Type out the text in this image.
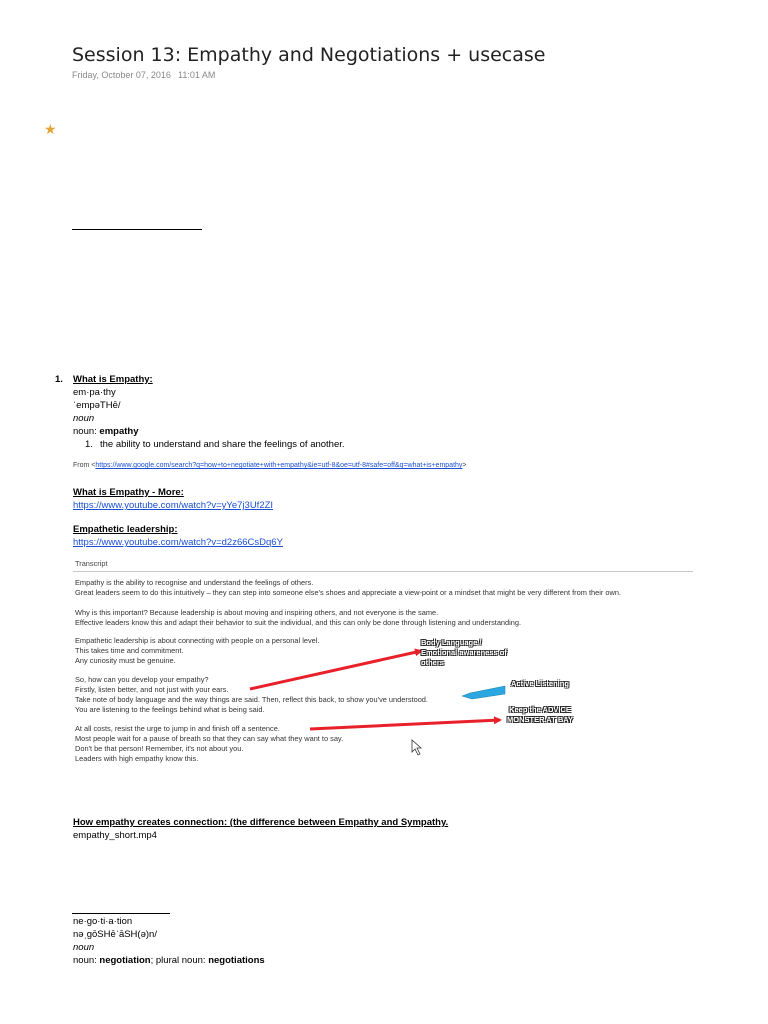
Session 13: Empathy and Negotiations + usecase
Friday, October 07, 2016 11:01 AM
★
1. What is Empathy:
em·pa·thy
ˈempəTHē/
noun
noun: empathy
1. the ability to understand and share the feelings of another.
From <https://www.google.com/search?q=how+to+negotiate+with+empathy&ie=utf-8&oe=utf-8#safe=off&q=what+is+empathy>
What is Empathy - More:
https://www.youtube.com/watch?v=yYe7j3Uf2ZI
Empathetic leadership:
https://www.youtube.com/watch?v=d2z66CsDq6Y
Transcript
Empathy is the ability to recognise and understand the feelings of others.
Great leaders seem to do this intuitively – they can step into someone else's shoes and appreciate a view-point or a mindset that might be very different from their own.
Why is this important? Because leadership is about moving and inspiring others, and not everyone is the same.
Effective leaders know this and adapt their behavior to suit the individual, and this can only be done through listening and understanding.
Empathetic leadership is about connecting with people on a personal level.
This takes time and commitment.
Any curiosity must be genuine.
So, how can you develop your empathy?
Firstly, listen better, and not just with your ears.
Take note of body language and the way things are said. Then, reflect this back, to show you've understood.
You are listening to the feelings behind what is being said.
At all costs, resist the urge to jump in and finish off a sentence.
Most people wait for a pause of breath so that they can say what they want to say.
Don't be that person! Remember, it's not about you.
Leaders with high empathy know this.
Body Language / Emotional awareness of others
Active Listening
Keep the ADVICE MONSTER AT BAY
How empathy creates connection: (the difference between Empathy and Sympathy.
empathy_short.mp4
ne·go·ti·a·tion
nəˌɡōSHēˈāSH(ə)n/
noun
noun: negotiation; plural noun: negotiations
